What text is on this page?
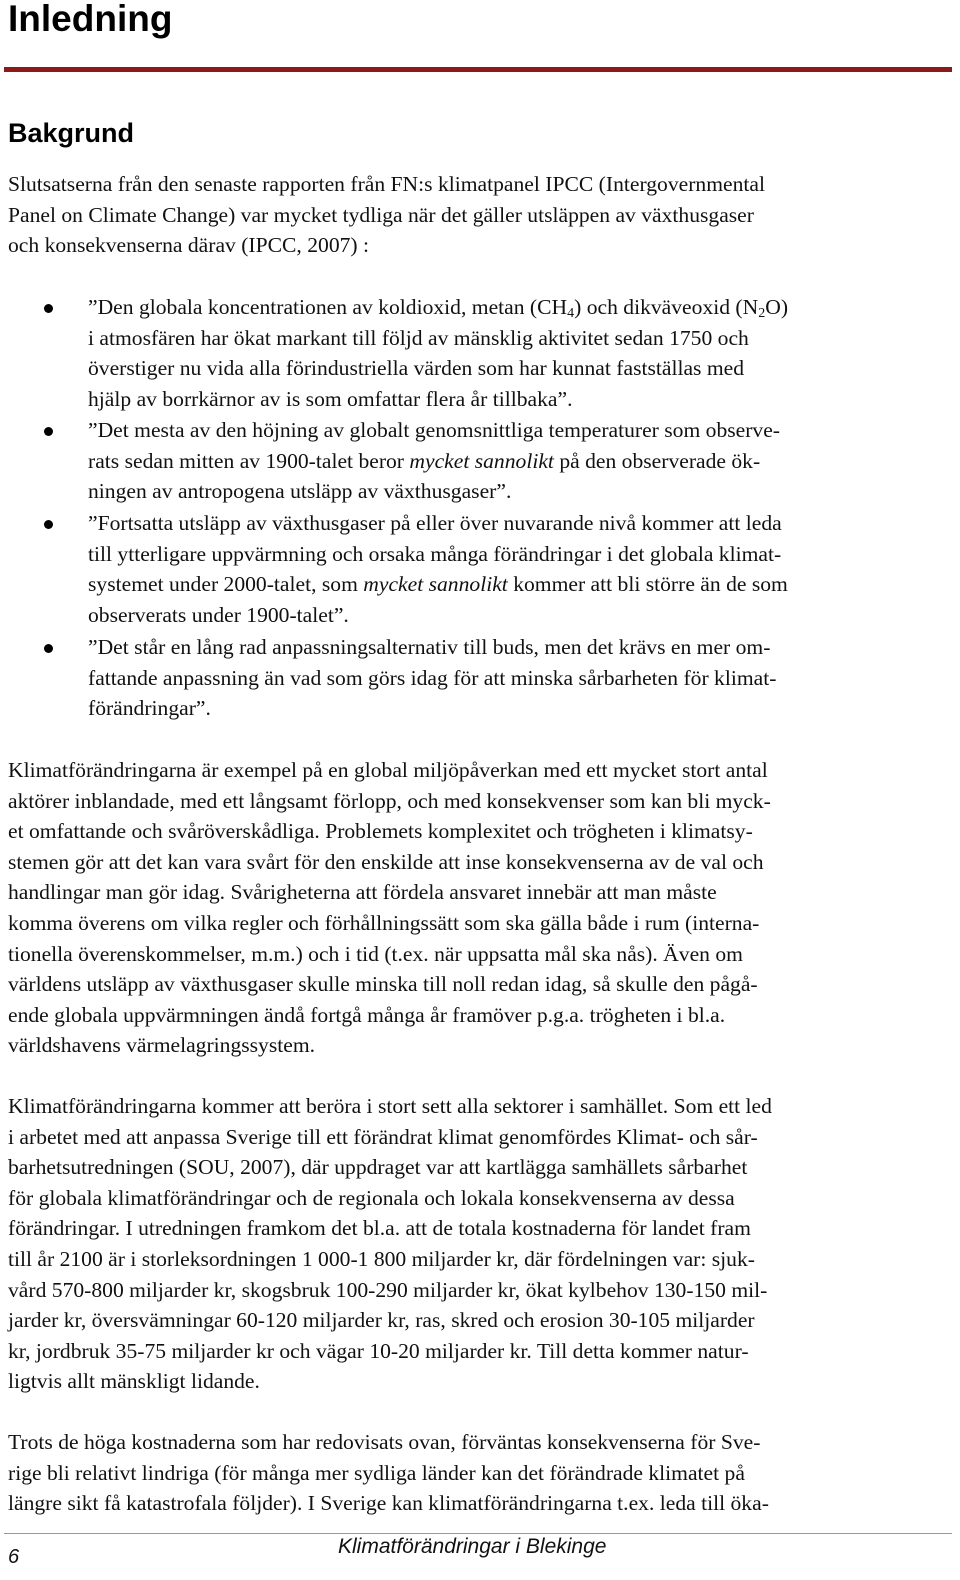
Inledning
Bakgrund

Slutsatserna från den senaste rapporten från FN:s klimatpanel IPCC (Intergovernmental
Panel on Climate Change) var mycket tydliga när det gäller utsläppen av växthusgaser
och konsekvenserna därav (IPCC, 2007) :

”Den globala koncentrationen av koldioxid, metan $(CH_4)$ och dikväveoxid $(N_2O)$
i atmosfären har ökat markant till följd av mänsklig aktivitet sedan 1750 och
överstiger nu vida alla förindustriella värden som har kunnat fastställas med
hjälp av borrkärnor av is som omfattar flera år tillbaka”.
”Det mesta av den höjning av globalt genomsnittliga temperaturer som observe-
rats sedan mitten av 1900-talet beror mycket sannolikt på den observerade ök-
ningen av antropogena utsläpp av växthusgaser”.
”Fortsatta utsläpp av växthusgaser på eller över nuvarande nivå kommer att leda
till ytterligare uppvärmning och orsaka många förändringar i det globala klimat-
systemet under 2000-talet, som mycket sannolikt kommer att bli större än de som
observerats under 1900-talet”.
”Det står en lång rad anpassningsalternativ till buds, men det krävs en mer om-
fattande anpassning än vad som görs idag för att minska sårbarheten för klimat-
förändringar”.

Klimatförändringarna är exempel på en global miljöpåverkan med ett mycket stort antal
aktörer inblandade, med ett långsamt förlopp, och med konsekvenser som kan bli myck-
et omfattande och svåröverskådliga. Problemets komplexitet och trögheten i klimatsy-
stemen gör att det kan vara svårt för den enskilde att inse konsekvenserna av de val och
handlingar man gör idag. Svårigheterna att fördela ansvaret innebär att man måste
komma överens om vilka regler och förhållningssätt som ska gälla både i rum (interna-
tionella överenskommelser, m.m.) och i tid (t.ex. när uppsatta mål ska nås). Även om
världens utsläpp av växthusgaser skulle minska till noll redan idag, så skulle den pågå-
ende globala uppvärmningen ändå fortgå många år framöver p.g.a. trögheten i bl.a.
världshavens värmelagringssystem.

Klimatförändringarna kommer att beröra i stort sett alla sektorer i samhället. Som ett led
i arbetet med att anpassa Sverige till ett förändrat klimat genomfördes Klimat- och sår-
barhetsutredningen (SOU, 2007), där uppdraget var att kartlägga samhällets sårbarhet
för globala klimatförändringar och de regionala och lokala konsekvenserna av dessa
förändringar. I utredningen framkom det bl.a. att de totala kostnaderna för landet fram
till år 2100 är i storleksordningen 1 000-1 800 miljarder kr, där fördelningen var: sjuk-
vård 570-800 miljarder kr, skogsbruk 100-290 miljarder kr, ökat kylbehov 130-150 mil-
jarder kr, översvämningar 60-120 miljarder kr, ras, skred och erosion 30-105 miljarder
kr, jordbruk 35-75 miljarder kr och vägar 10-20 miljarder kr. Till detta kommer natur-
ligtvis allt mänskligt lidande.

Trots de höga kostnaderna som har redovisats ovan, förväntas konsekvenserna för Sve-
rige bli relativt lindriga (för många mer sydliga länder kan det förändrade klimatet på
längre sikt få katastrofala följder). I Sverige kan klimatförändringarna t.ex. leda till öka-

6	Klimatförändringar i Blekinge
